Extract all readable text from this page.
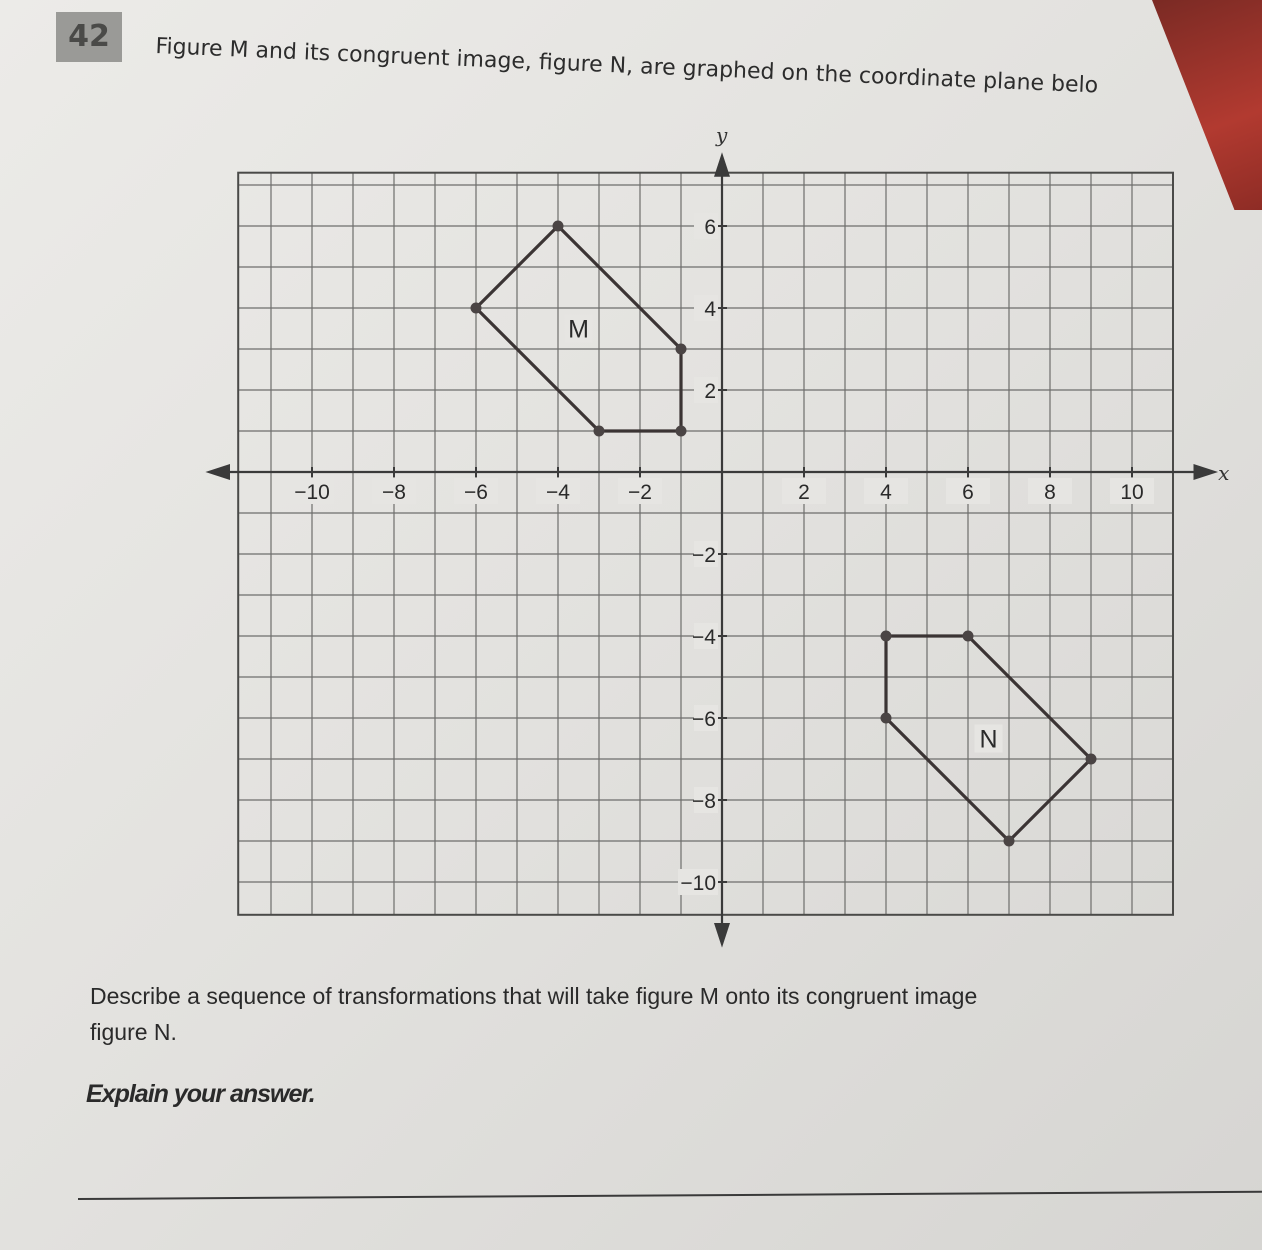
42	Figure M and its congruent image, figure N, are graphed on the coordinate plane belo
x
y
M
N
−10 −8	−6	−4	−2	2	4	6	8	10
6
4
2
−2
−4
−6
−8
−10
Describe a sequence of transformations that will take figure M onto its congruent image
figure N.
Explain your answer.
